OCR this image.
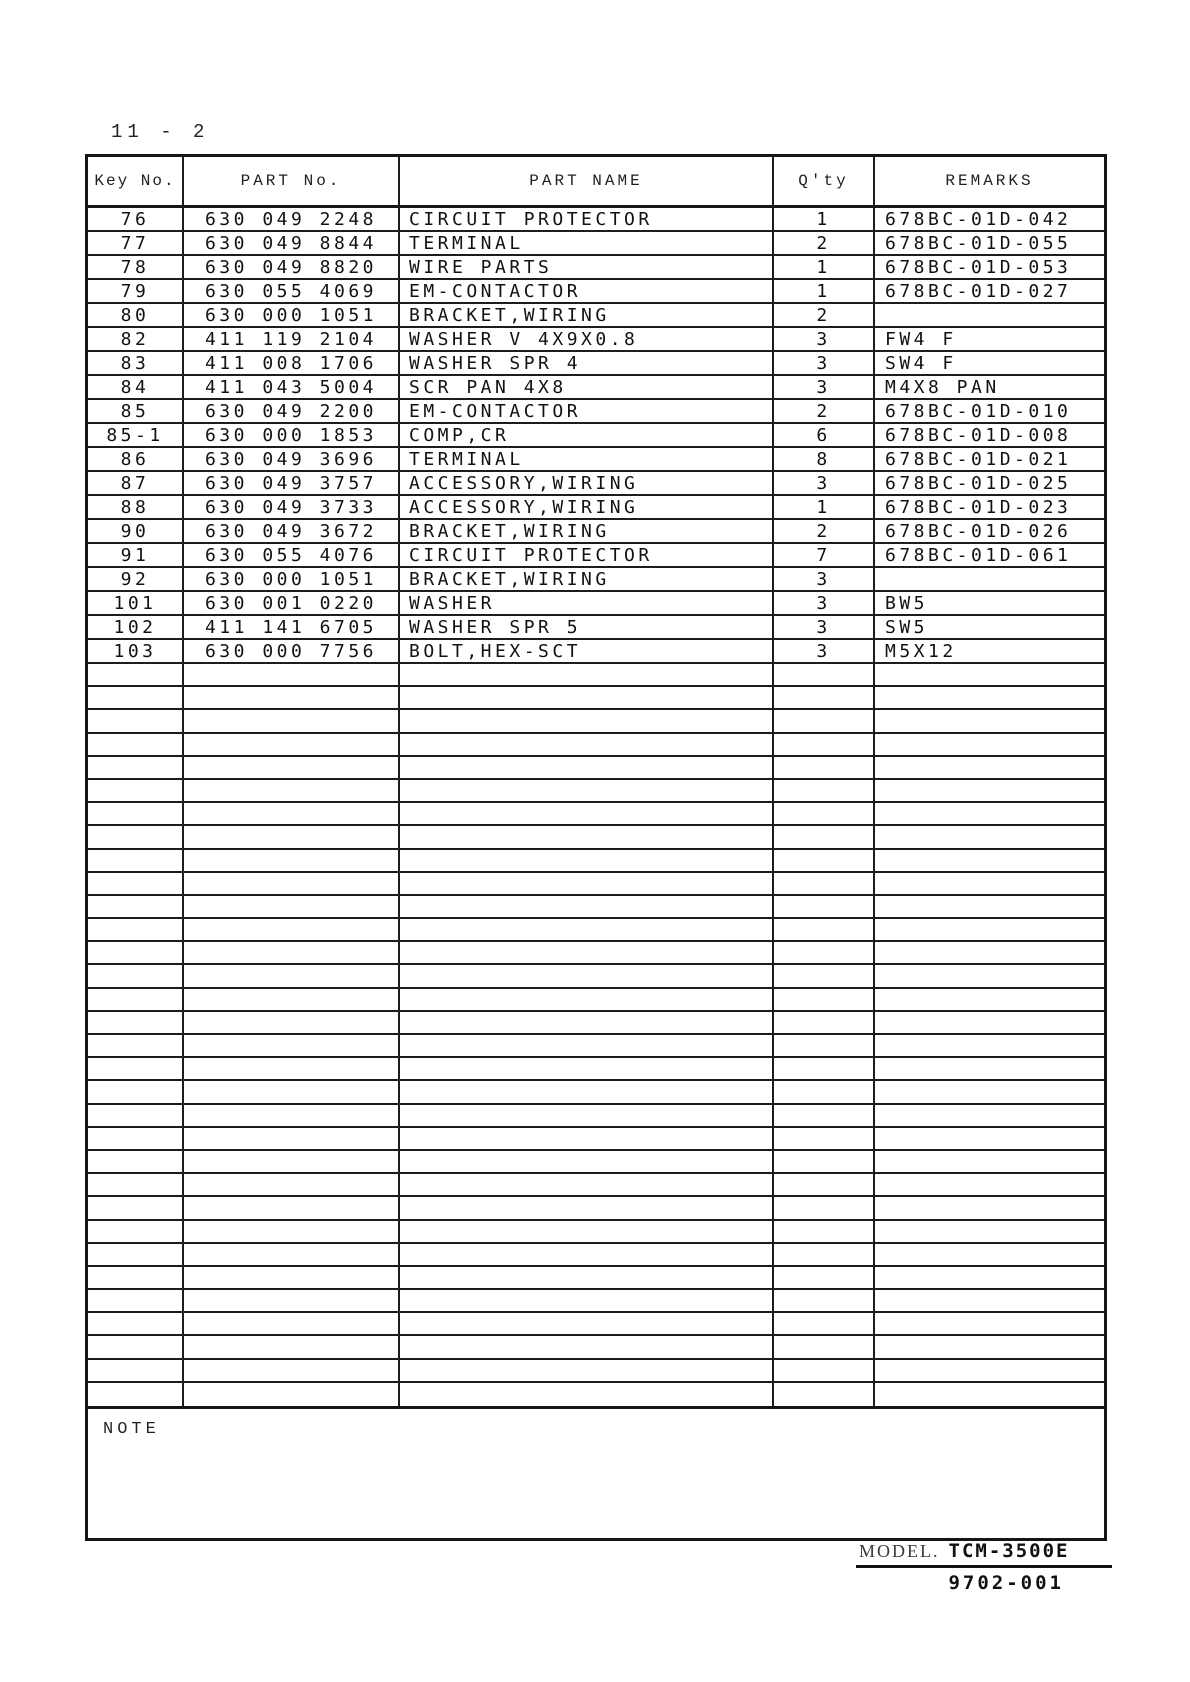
11 - 2
Key No.	PART No.	PART NAME	Q'ty	REMARKS
76	630 049 2248	CIRCUIT PROTECTOR	1	678BC-01D-042
77	630 049 8844	TERMINAL	2	678BC-01D-055
78	630 049 8820	WIRE PARTS	1	678BC-01D-053
79	630 055 4069	EM-CONTACTOR	1	678BC-01D-027
80	630 000 1051	BRACKET,WIRING	2
82	411 119 2104	WASHER V 4X9X0.8	3	FW4 F
83	411 008 1706	WASHER SPR 4	3	SW4 F
84	411 043 5004	SCR PAN 4X8	3	M4X8 PAN
85	630 049 2200	EM-CONTACTOR	2	678BC-01D-010
85-1	630 000 1853	COMP,CR	6	678BC-01D-008
86	630 049 3696	TERMINAL	8	678BC-01D-021
87	630 049 3757	ACCESSORY,WIRING	3	678BC-01D-025
88	630 049 3733	ACCESSORY,WIRING	1	678BC-01D-023
90	630 049 3672	BRACKET,WIRING	2	678BC-01D-026
91	630 055 4076	CIRCUIT PROTECTOR	7	678BC-01D-061
92	630 000 1051	BRACKET,WIRING	3
101	630 001 0220	WASHER	3	BW5
102	411 141 6705	WASHER SPR 5	3	SW5
103	630 000 7756	BOLT,HEX-SCT	3	M5X12
NOTE
MODEL. TCM-3500E
9702-001
